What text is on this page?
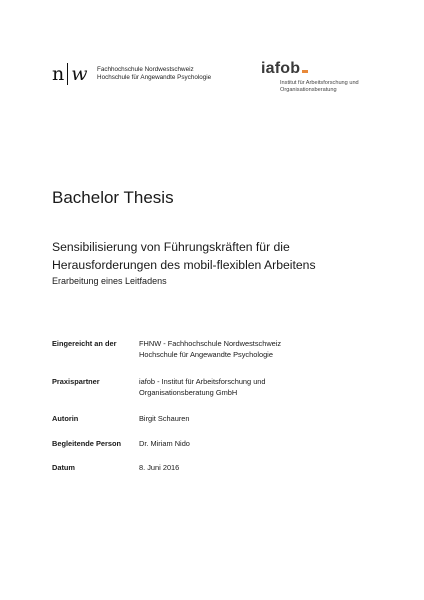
n w Fachhochschule Nordwestschweiz
Hochschule für Angewandte Psychologie
iafob
Institut für Arbeitsforschung und
Organisationsberatung
Bachelor Thesis
Sensibilisierung von Führungskräften für die
Herausforderungen des mobil-flexiblen Arbeitens
Erarbeitung eines Leitfadens
Eingereicht an der	FHNW - Fachhochschule Nordwestschweiz
Hochschule für Angewandte Psychologie
Praxispartner	iafob - Institut für Arbeitsforschung und
Organisationsberatung GmbH
Autorin	Birgit Schauren
Begleitende Person	Dr. Miriam Nido
Datum	8. Juni 2016
